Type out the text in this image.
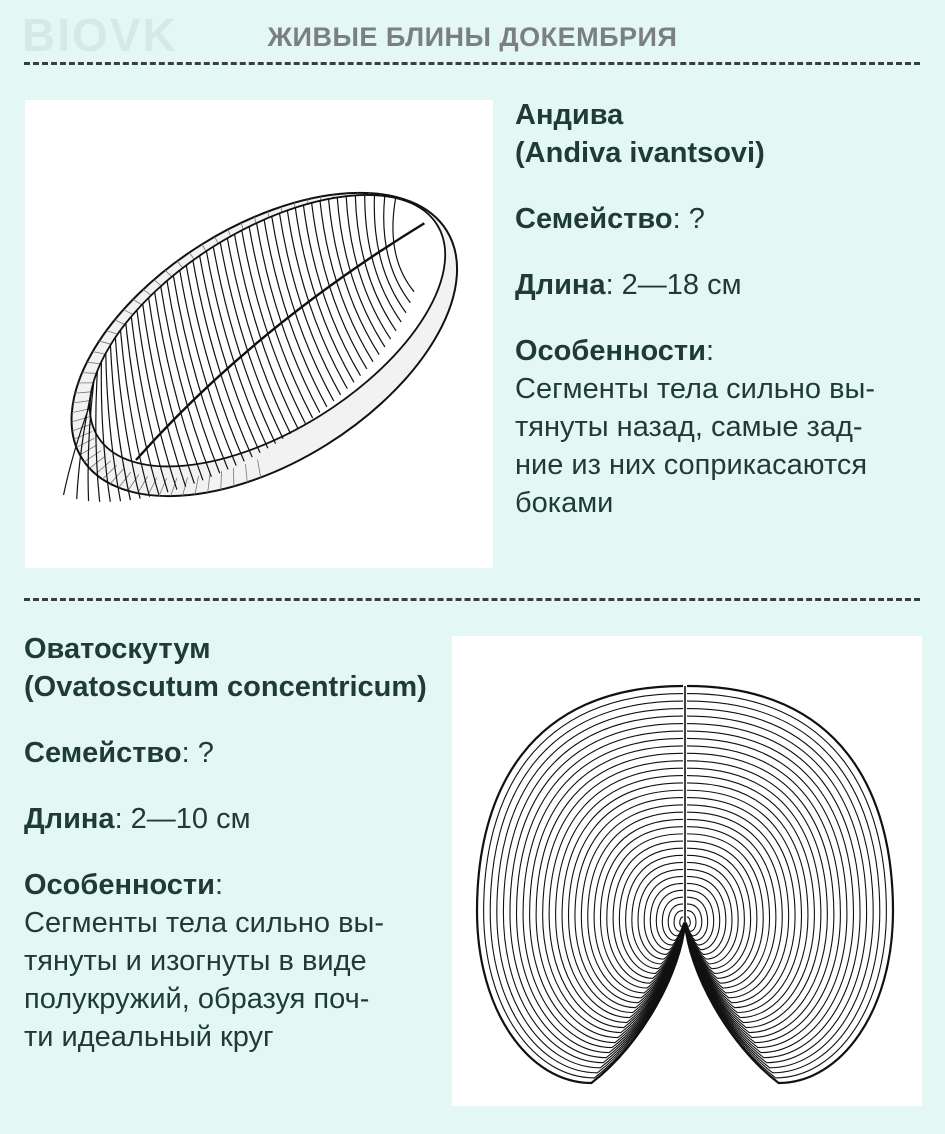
BIOVK	ЖИВЫЕ БЛИНЫ ДОКЕМБРИЯ

Андива

(Andiva ivantsovi)

Семейство: ?

Длина: 2—18 см

Особенности:

Сегменты тела сильно вы-

тянуты назад, самые зад-

ние из них соприкасаются

боками

Оватоскутум

(Ovatoscutum concentricum)

Семейство: ?

Длина: 2—10 см

Особенности:

Сегменты тела сильно вы-

тянуты и изогнуты в виде

полукружий, образуя поч-

ти идеальный круг
